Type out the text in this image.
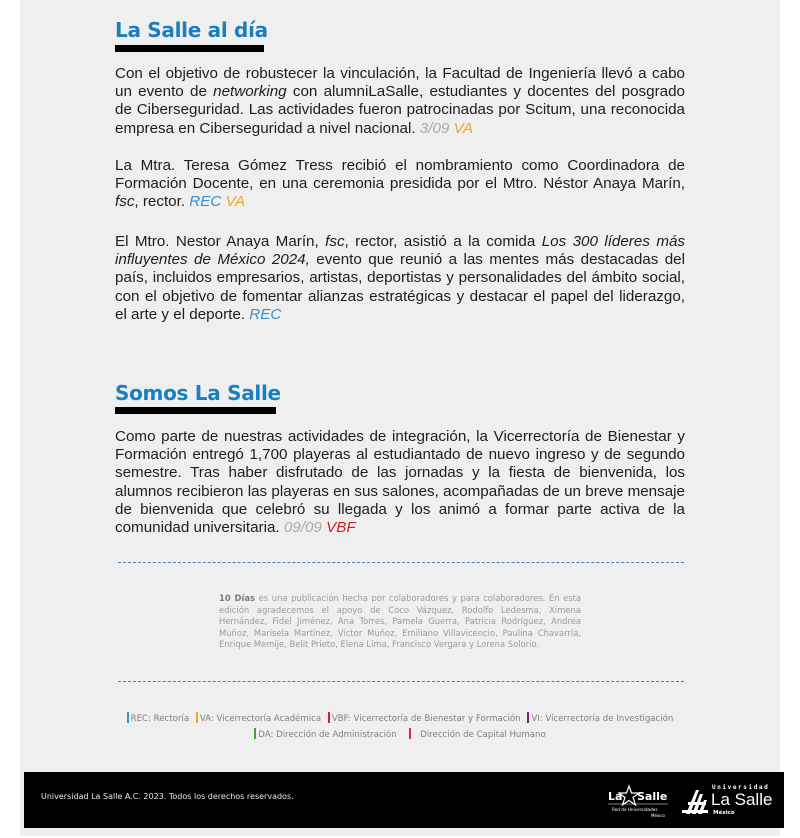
La Salle al día

Con el objetivo de robustecer la vinculación, la Facultad de Ingeniería llevó a cabo un evento de networking con alumniLaSalle, estudiantes y docentes del posgrado de Ciberseguridad. Las actividades fueron patrocinadas por Scitum, una reconocida empresa en Ciberseguridad a nivel nacional. 3/09 VA

La Mtra. Teresa Gómez Tress recibió el nombramiento como Coordinadora de Formación Docente, en una ceremonia presidida por el Mtro. Néstor Anaya Marín, fsc, rector. REC VA

El Mtro. Nestor Anaya Marín, fsc, rector, asistió a la comida Los 300 líderes más influyentes de México 2024, evento que reunió a las mentes más destacadas del país, incluidos empresarios, artistas, deportistas y personalidades del ámbito social, con el objetivo de fomentar alianzas estratégicas y destacar el papel del liderazgo, el arte y el deporte. REC

Somos La Salle

Como parte de nuestras actividades de integración, la Vicerrectoría de Bienestar y Formación entregó 1,700 playeras al estudiantado de nuevo ingreso y de segundo semestre. Tras haber disfrutado de las jornadas y la fiesta de bienvenida, los alumnos recibieron las playeras en sus salones, acompañadas de un breve mensaje de bienvenida que celebró su llegada y los animó a formar parte activa de la comunidad universitaria. 09/09 VBF

10 Días es una publicación hecha por colaboradores y para colaboradores. En esta edición agradecemos el apoyo de Coco Vázquez, Rodolfo Ledesma, Ximena Hernández, Fidel Jiménez, Ana Torres, Pamela Guerra, Patricia Rodríguez, Andrea Muñoz, Marisela Martínez, Víctor Muñoz, Emiliano Villavicencio, Paulina Chavarría, Enrique Memije, Belit Prieto, Elena Lima, Francisco Vergara y Lorena Solorio.

REC: Rectoría VA: Vicerrectoría Académica VBF: Vicerrectoría de Bienestar y Formación VI: Vicerrectoría de Investigación
DA: Dirección de Administración  Dirección de Capital Humano
Universidad La Salle A.C. 2023. Todos los derechos reservados.	La Salle
Red de Universidades
México
Universidad
La Salle
México
